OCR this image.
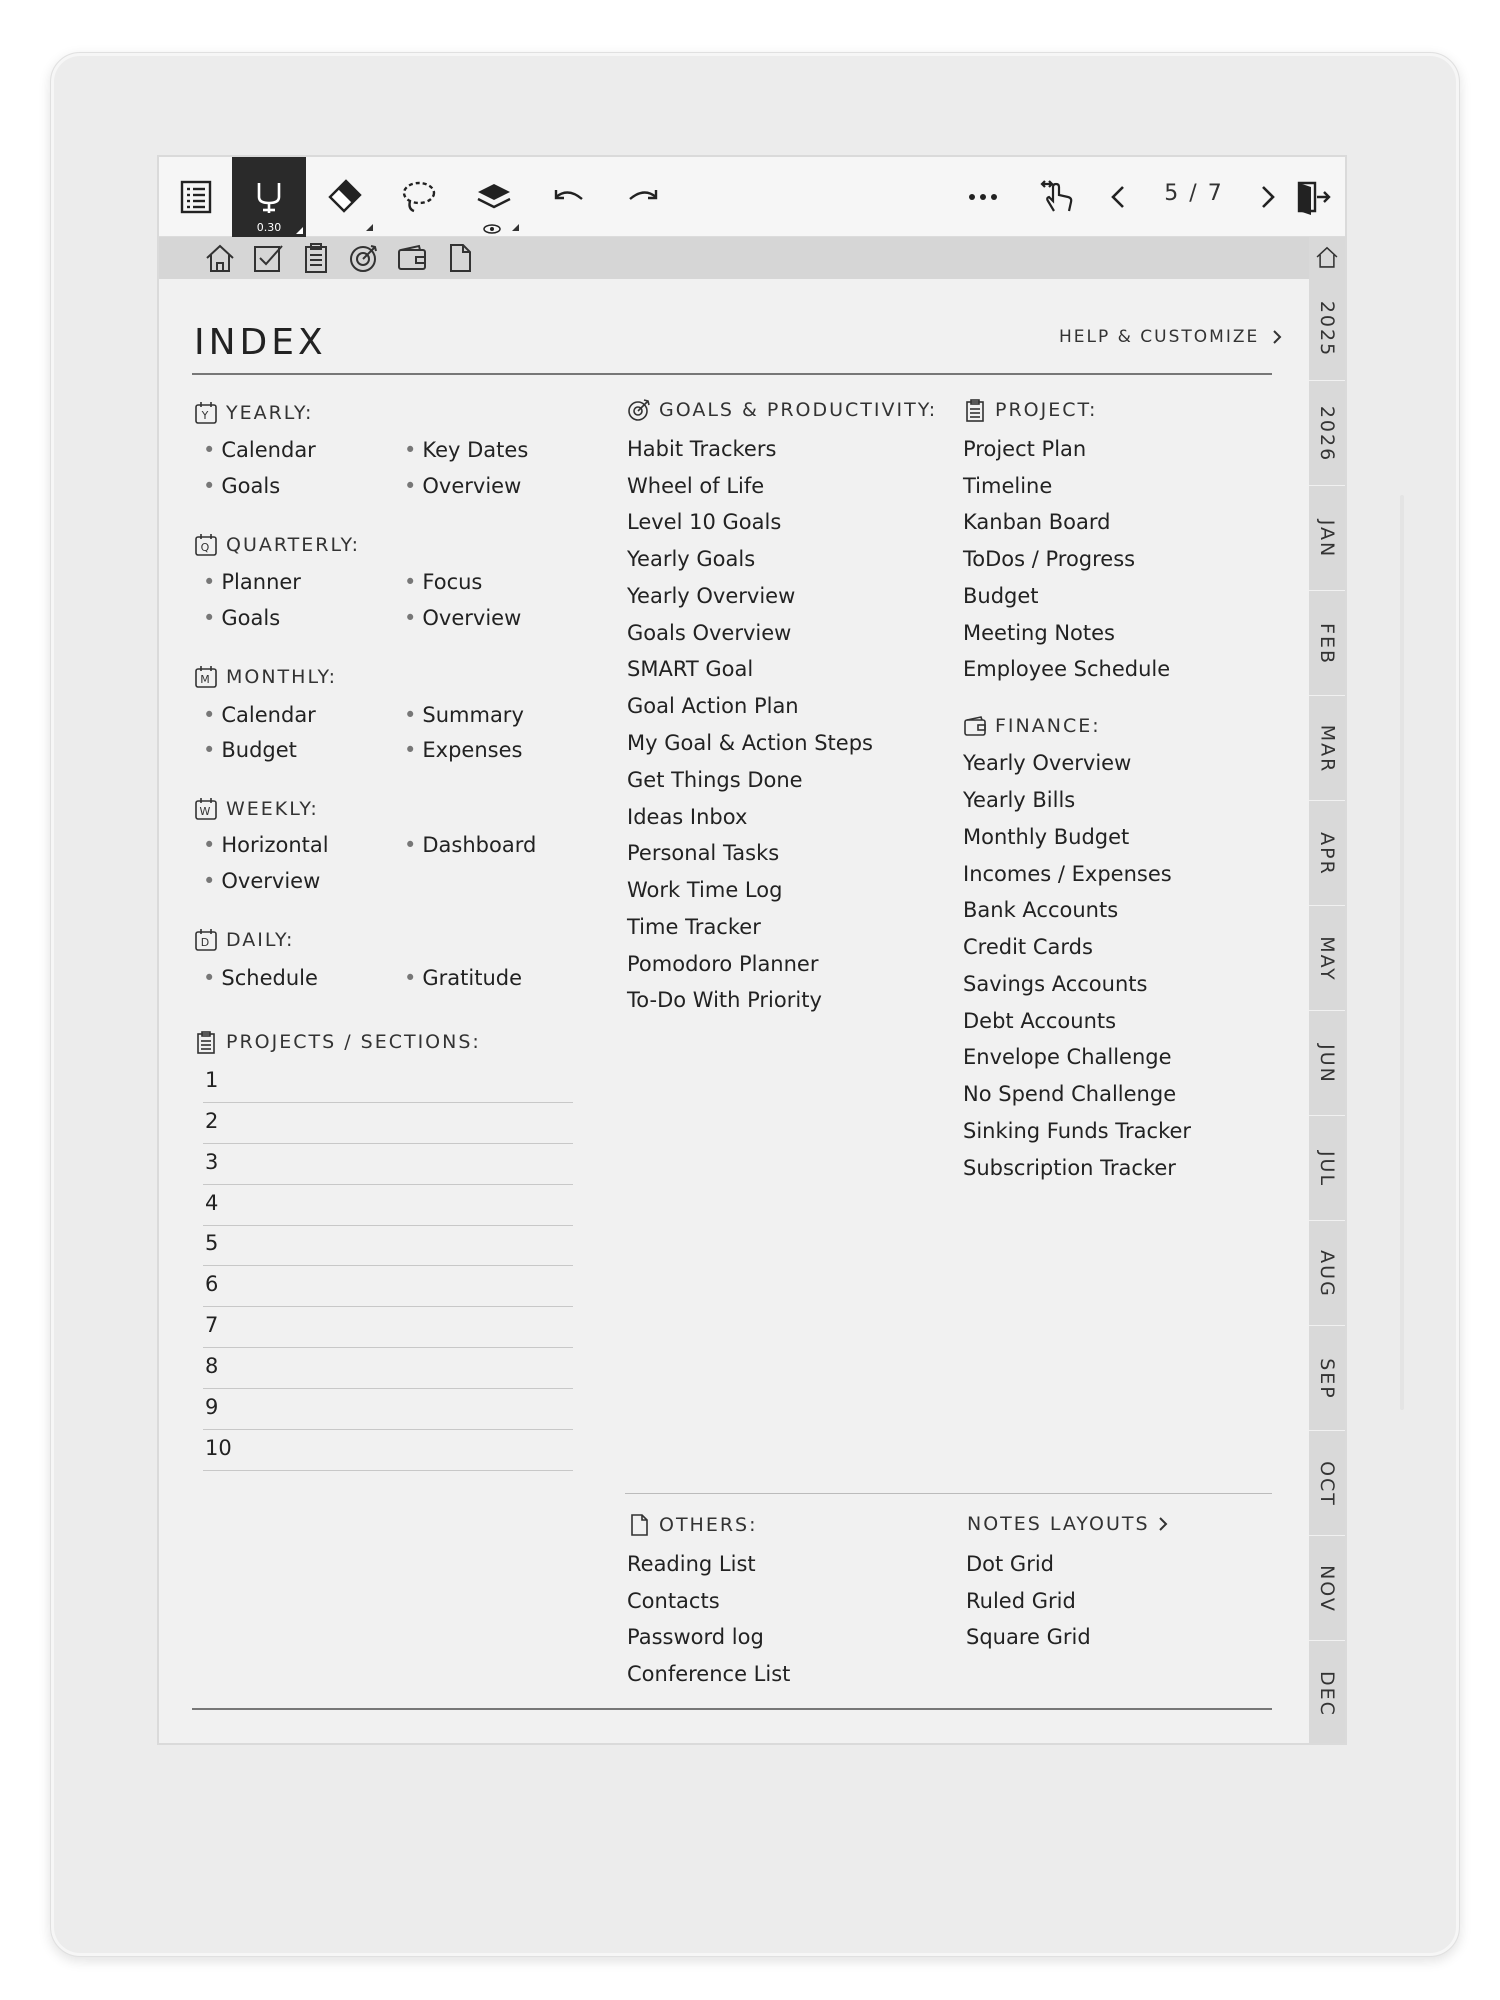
0.30
5 / 7
2025
2026
JAN
FEB
MAR
APR
MAY
JUN
JUL
AUG
SEP
OCT
NOV
DEC
INDEX	HELP & CUSTOMIZE
Y YEARLY:
• Calendar	• Key Dates
• Goals	• Overview
Q QUARTERLY:
• Planner	• Focus
• Goals	• Overview
M MONTHLY:
• Calendar	• Summary
• Budget	• Expenses
W WEEKLY:
• Horizontal	• Dashboard
• Overview
D DAILY:
• Schedule	• Gratitude
PROJECTS / SECTIONS:
1
2
3
4
5
6
7
8
9
10
GOALS & PRODUCTIVITY:
Habit Trackers
Wheel of Life
Level 10 Goals
Yearly Goals
Yearly Overview
Goals Overview
SMART Goal
Goal Action Plan
My Goal & Action Steps
Get Things Done
Ideas Inbox
Personal Tasks
Work Time Log
Time Tracker
Pomodoro Planner
To-Do With Priority
PROJECT:
Project Plan
Timeline
Kanban Board
ToDos / Progress
Budget
Meeting Notes
Employee Schedule
FINANCE:
Yearly Overview
Yearly Bills
Monthly Budget
Incomes / Expenses
Bank Accounts
Credit Cards
Savings Accounts
Debt Accounts
Envelope Challenge
No Spend Challenge
Sinking Funds Tracker
Subscription Tracker
OTHERS:
Reading List
Contacts
Password log
Conference List
NOTES LAYOUTS
Dot Grid
Ruled Grid
Square Grid
